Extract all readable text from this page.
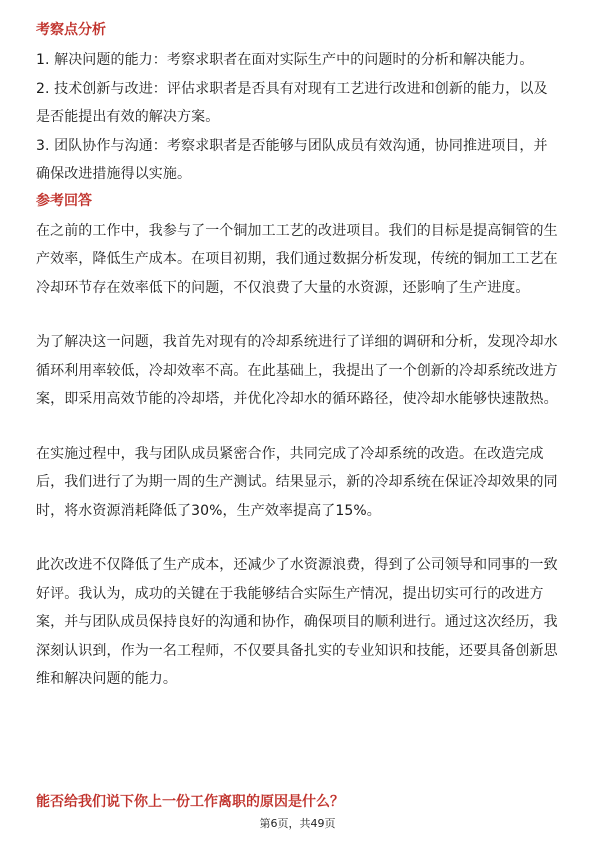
考察点分析

1. 解决问题的能力：考察求职者在面对实际生产中的问题时的分析和解决能力。

2. 技术创新与改进：评估求职者是否具有对现有工艺进行改进和创新的能力，以及是否能提出有效的解决方案。

3. 团队协作与沟通：考察求职者是否能够与团队成员有效沟通，协同推进项目，并确保改进措施得以实施。

参考回答

在之前的工作中，我参与了一个铜加工工艺的改进项目。我们的目标是提高铜管的生产效率，降低生产成本。在项目初期，我们通过数据分析发现，传统的铜加工工艺在冷却环节存在效率低下的问题，不仅浪费了大量的水资源，还影响了生产进度。

为了解决这一问题，我首先对现有的冷却系统进行了详细的调研和分析，发现冷却水循环利用率较低，冷却效率不高。在此基础上，我提出了一个创新的冷却系统改进方案，即采用高效节能的冷却塔，并优化冷却水的循环路径，使冷却水能够快速散热。

在实施过程中，我与团队成员紧密合作，共同完成了冷却系统的改造。在改造完成后，我们进行了为期一周的生产测试。结果显示，新的冷却系统在保证冷却效果的同时，将水资源消耗降低了30%，生产效率提高了15%。

此次改进不仅降低了生产成本，还减少了水资源浪费，得到了公司领导和同事的一致好评。我认为，成功的关键在于我能够结合实际生产情况，提出切实可行的改进方案，并与团队成员保持良好的沟通和协作，确保项目的顺利进行。通过这次经历，我深刻认识到，作为一名工程师，不仅要具备扎实的专业知识和技能，还要具备创新思维和解决问题的能力。

能否给我们说下你上一份工作离职的原因是什么？
第6页，共49页
